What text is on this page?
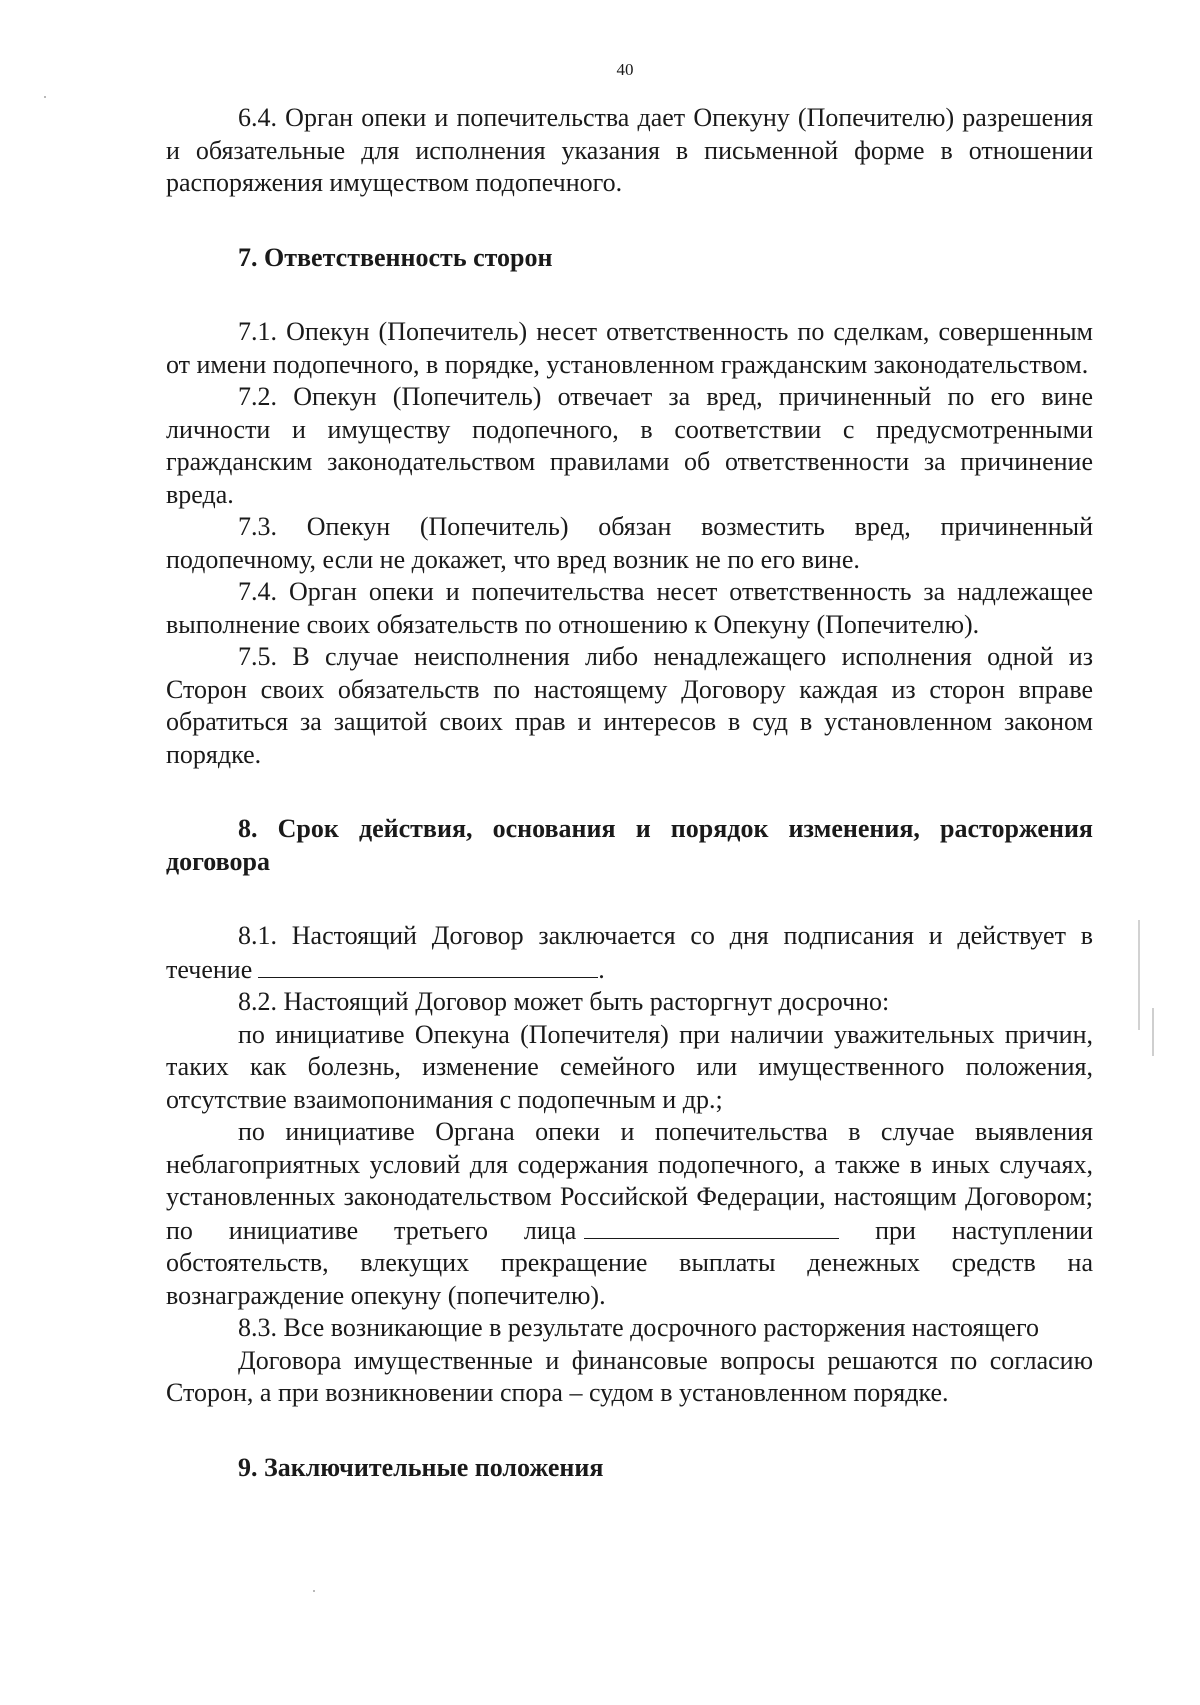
40

6.4. Орган опеки и попечительства дает Опекуну (Попечителю) разрешения и обязательные для исполнения указания в письменной форме в отношении распоряжения имуществом подопечного.

7. Ответственность сторон

7.1. Опекун (Попечитель) несет ответственность по сделкам, совершенным от имени подопечного, в порядке, установленном гражданским законодательством.

7.2. Опекун (Попечитель) отвечает за вред, причиненный по его вине личности и имуществу подопечного, в соответствии с предусмотренными гражданским законодательством правилами об ответственности за причинение вреда.

7.3. Опекун (Попечитель) обязан возместить вред, причиненный подопечному, если не докажет, что вред возник не по его вине.

7.4. Орган опеки и попечительства несет ответственность за надлежащее выполнение своих обязательств по отношению к Опекуну (Попечителю).

7.5. В случае неисполнения либо ненадлежащего исполнения одной из Сторон своих обязательств по настоящему Договору каждая из сторон вправе обратиться за защитой своих прав и интересов в суд в установленном законом порядке.

8. Срок действия, основания и порядок изменения, расторжения договора

8.1. Настоящий Договор заключается со дня подписания и действует в течение	.

8.2. Настоящий Договор может быть расторгнут досрочно:

по инициативе Опекуна (Попечителя) при наличии уважительных причин, таких как болезнь, изменение семейного или имущественного положения, отсутствие взаимопонимания с подопечным и др.;

по инициативе Органа опеки и попечительства в случае выявления неблагоприятных условий для содержания подопечного, а также в иных случаях, установленных законодательством Российской Федерации, настоящим Договором; по инициативе третьего лица	при наступлении обстоятельств, влекущих прекращение выплаты денежных средств на вознаграждение опекуну (попечителю).

8.3. Все возникающие в результате досрочного расторжения настоящего

Договора имущественные и финансовые вопросы решаются по согласию Сторон, а при возникновении спора – судом в установленном порядке.

9. Заключительные положения
